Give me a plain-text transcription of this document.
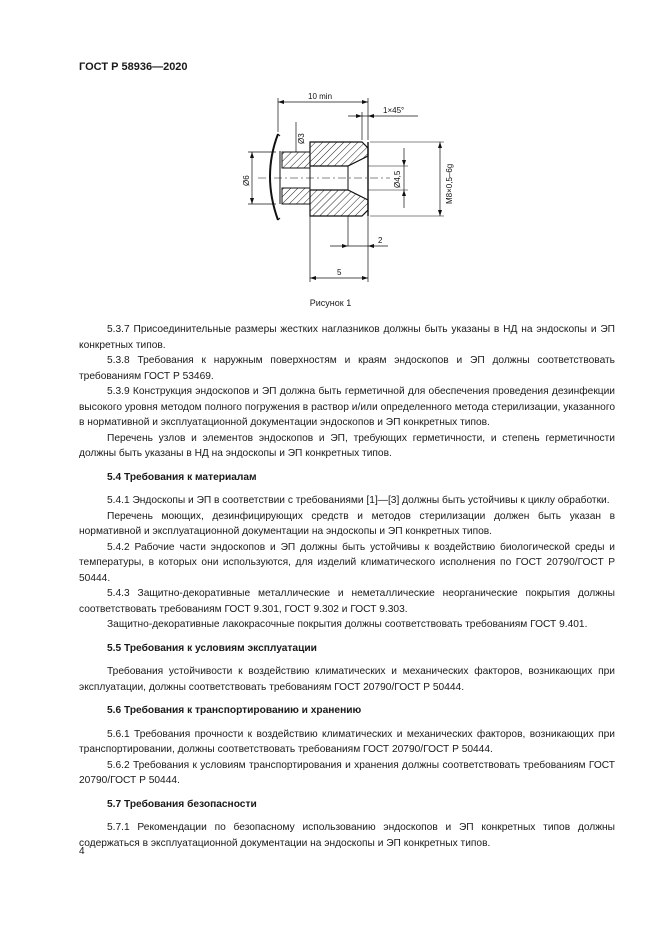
ГОСТ Р 58936—2020
10 min
1×45°
Ø3
Ø6	Ø4,5	М8×0,5–6g
2
5
Рисунок 1

5.3.7 Присоединительные размеры жестких наглазников должны быть указаны в НД на эндоскопы и ЭП конкретных типов.

5.3.8 Требования к наружным поверхностям и краям эндоскопов и ЭП должны соответствовать требованиям ГОСТ Р 53469.

5.3.9 Конструкция эндоскопов и ЭП должна быть герметичной для обеспечения проведения дезинфекции высокого уровня методом полного погружения в раствор и/или определенного метода стерилизации, указанного в нормативной и эксплуатационной документации эндоскопов и ЭП конкретных типов.

Перечень узлов и элементов эндоскопов и ЭП, требующих герметичности, и степень герметичности должны быть указаны в НД на эндоскопы и ЭП конкретных типов.

5.4 Требования к материалам

5.4.1 Эндоскопы и ЭП в соответствии с требованиями [1]—[3] должны быть устойчивы к циклу обработки.

Перечень моющих, дезинфицирующих средств и методов стерилизации должен быть указан в нормативной и эксплуатационной документации на эндоскопы и ЭП конкретных типов.

5.4.2 Рабочие части эндоскопов и ЭП должны быть устойчивы к воздействию биологической среды и температуры, в которых они используются, для изделий климатического исполнения по ГОСТ 20790/ГОСТ Р 50444.

5.4.3 Защитно-декоративные металлические и неметаллические неорганические покрытия должны соответствовать требованиям ГОСТ 9.301, ГОСТ 9.302 и ГОСТ 9.303.

Защитно-декоративные лакокрасочные покрытия должны соответствовать требованиям ГОСТ 9.401.

5.5 Требования к условиям эксплуатации

Требования устойчивости к воздействию климатических и механических факторов, возникающих при эксплуатации, должны соответствовать требованиям ГОСТ 20790/ГОСТ Р 50444.

5.6 Требования к транспортированию и хранению

5.6.1 Требования прочности к воздействию климатических и механических факторов, возникающих при транспортировании, должны соответствовать требованиям ГОСТ 20790/ГОСТ Р 50444.

5.6.2 Требования к условиям транспортирования и хранения должны соответствовать требованиям ГОСТ 20790/ГОСТ Р 50444.

5.7 Требования безопасности

5.7.1 Рекомендации по безопасному использованию эндоскопов и ЭП конкретных типов должны содержаться в эксплуатационной документации на эндоскопы и ЭП конкретных типов.

4
